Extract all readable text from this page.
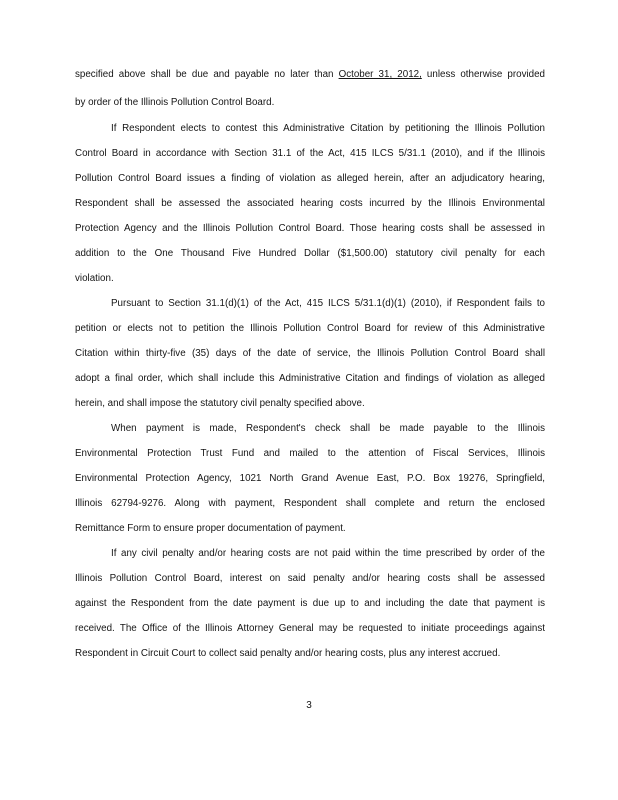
specified above shall be due and payable no later than October 31, 2012, unless otherwise provided
by order of the Illinois Pollution Control Board.
If Respondent elects to contest this Administrative Citation by petitioning the Illinois Pollution
Control Board in accordance with Section 31.1 of the Act, 415 ILCS 5/31.1 (2010), and if the Illinois
Pollution Control Board issues a finding of violation as alleged herein, after an adjudicatory hearing,
Respondent shall be assessed the associated hearing costs incurred by the Illinois Environmental
Protection Agency and the Illinois Pollution Control Board. Those hearing costs shall be assessed in
addition to the One Thousand Five Hundred Dollar ($1,500.00) statutory civil penalty for each
violation.
Pursuant to Section 31.1(d)(1) of the Act, 415 ILCS 5/31.1(d)(1) (2010), if Respondent fails to
petition or elects not to petition the Illinois Pollution Control Board for review of this Administrative
Citation within thirty-five (35) days of the date of service, the Illinois Pollution Control Board shall
adopt a final order, which shall include this Administrative Citation and findings of violation as alleged
herein, and shall impose the statutory civil penalty specified above.
When payment is made, Respondent's check shall be made payable to the Illinois
Environmental Protection Trust Fund and mailed to the attention of Fiscal Services, Illinois
Environmental Protection Agency, 1021 North Grand Avenue East, P.O. Box 19276, Springfield,
Illinois 62794-9276. Along with payment, Respondent shall complete and return the enclosed
Remittance Form to ensure proper documentation of payment.
If any civil penalty and/or hearing costs are not paid within the time prescribed by order of the
Illinois Pollution Control Board, interest on said penalty and/or hearing costs shall be assessed
against the Respondent from the date payment is due up to and including the date that payment is
received. The Office of the Illinois Attorney General may be requested to initiate proceedings against
Respondent in Circuit Court to collect said penalty and/or hearing costs, plus any interest accrued.
3
